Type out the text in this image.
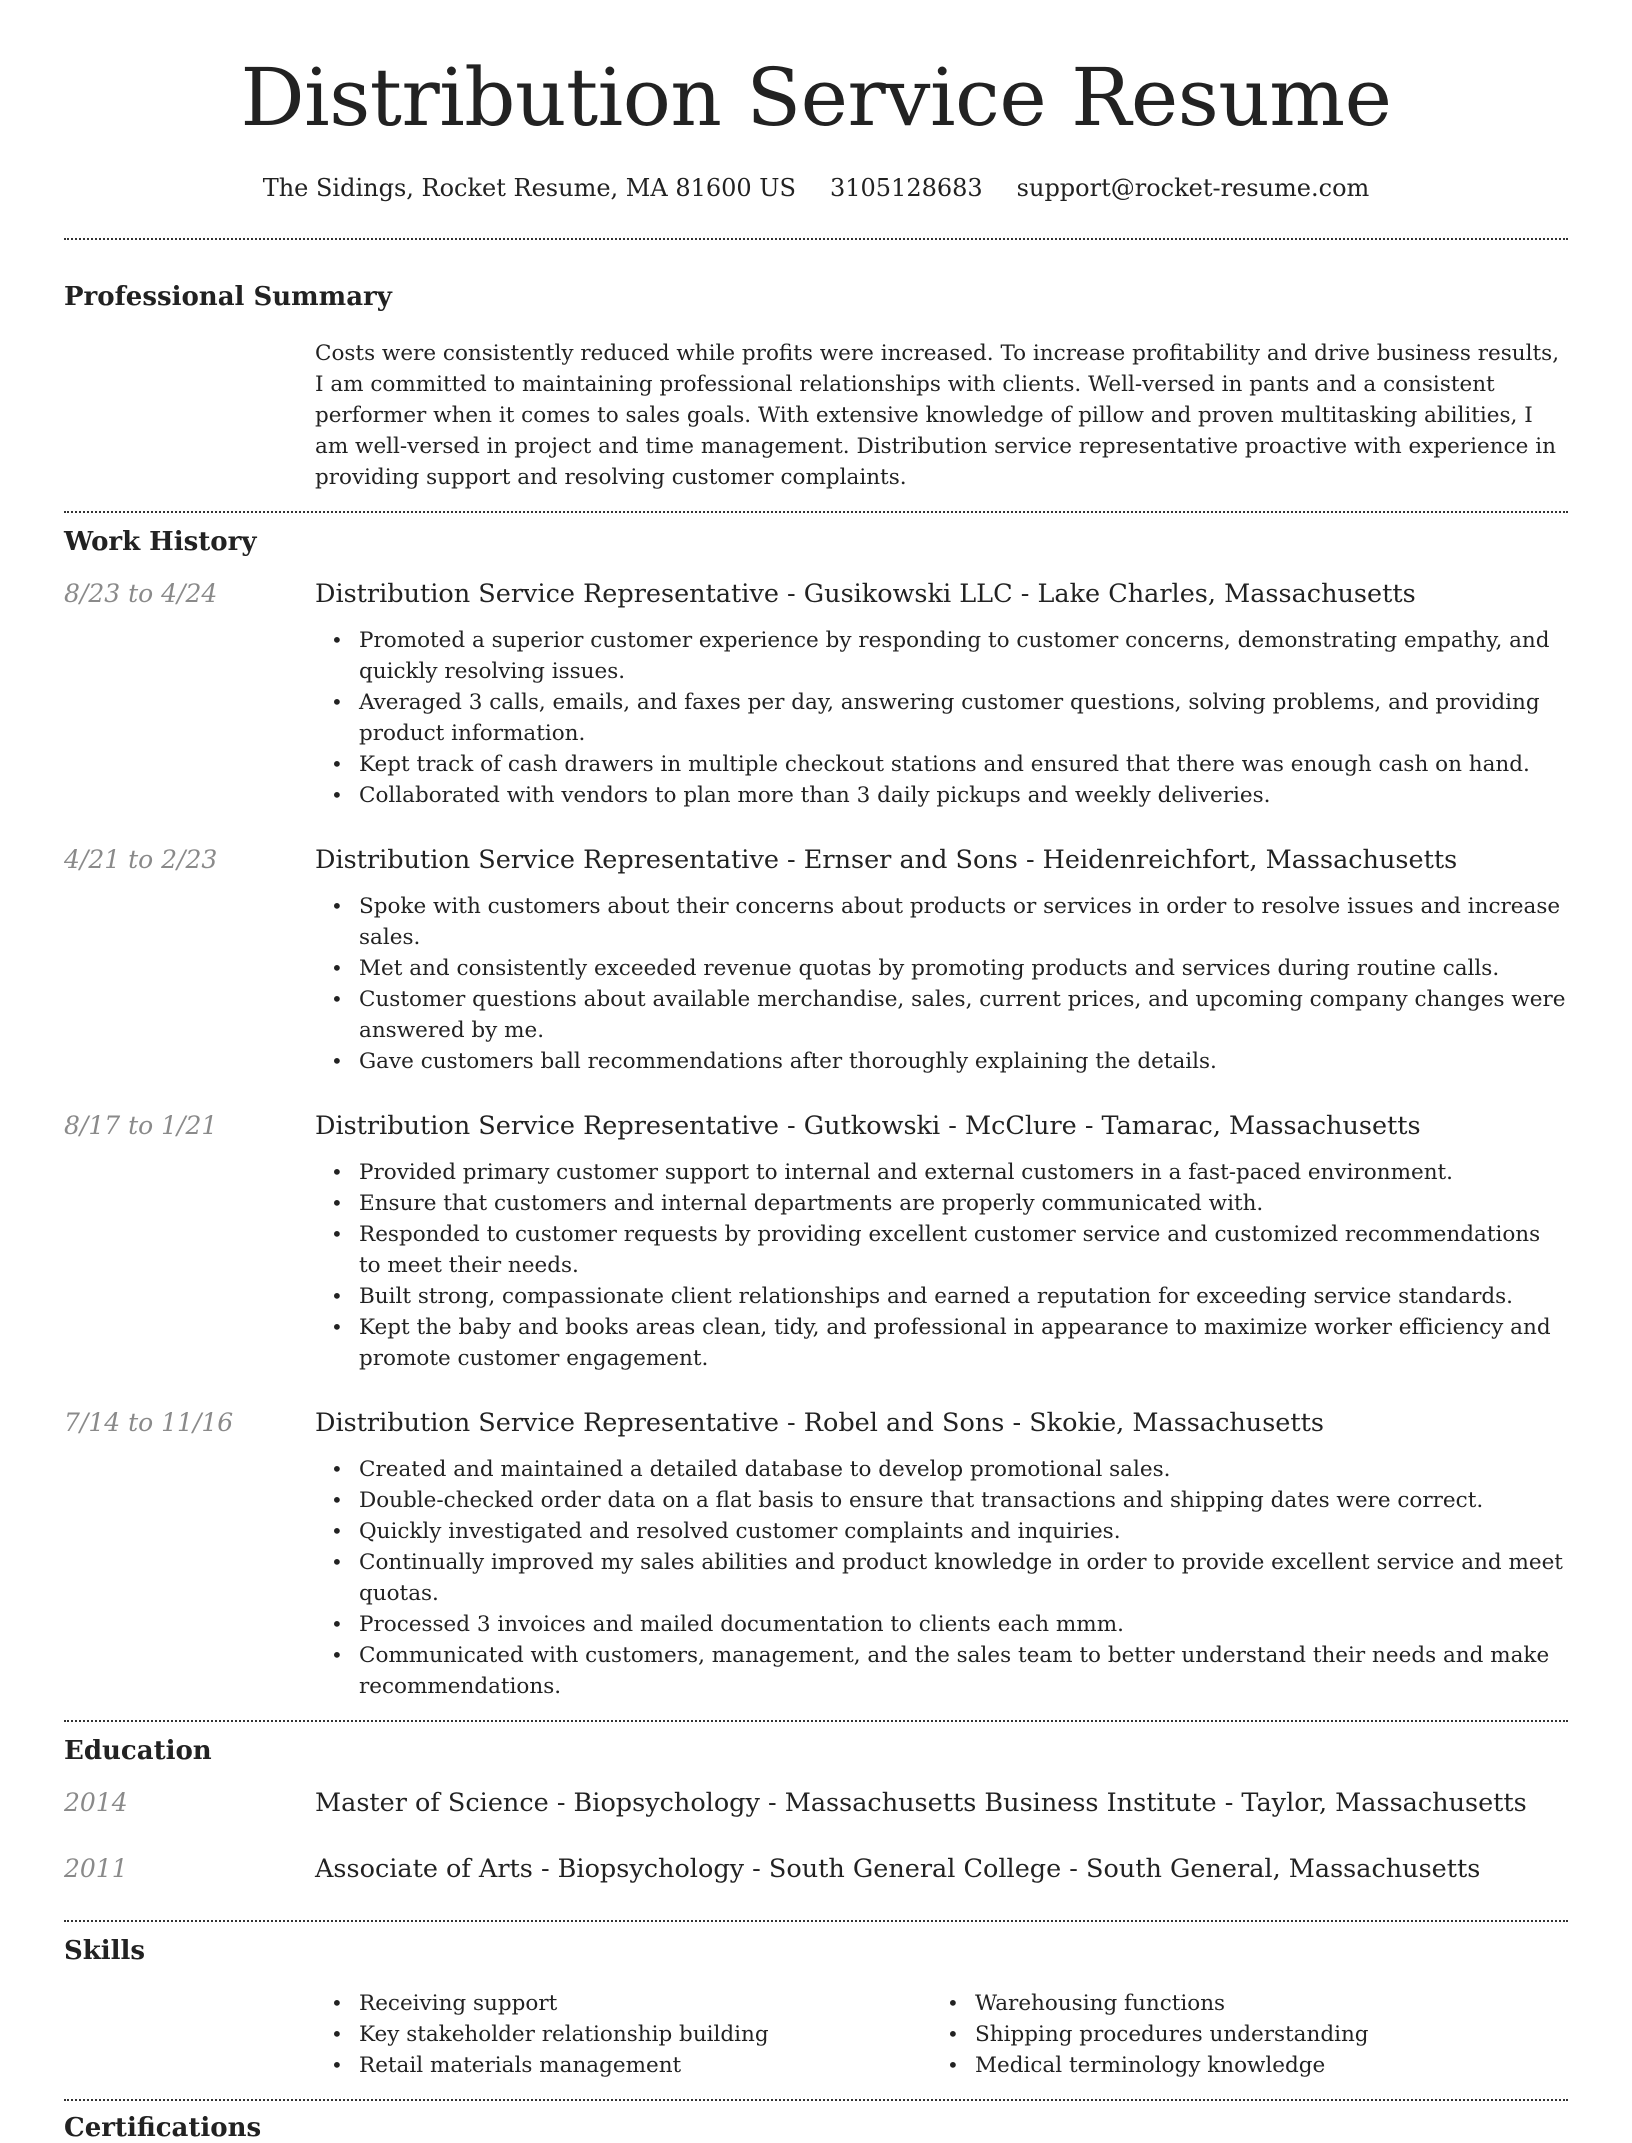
Distribution Service Resume
The Sidings, Rocket Resume, MA 81600 US 3105128683 support@rocket-resume.com
Professional Summary

Costs were consistently reduced while profits were increased. To increase profitability and drive business results, I am committed to maintaining professional relationships with clients. Well-versed in pants and a consistent performer when it comes to sales goals. With extensive knowledge of pillow and proven multitasking abilities, I am well-versed in project and time management. Distribution service representative proactive with experience in providing support and resolving customer complaints.

Work History
8/23 to 4/24	Distribution Service Representative - Gusikowski LLC - Lake Charles, Massachusetts
• Promoted a superior customer experience by responding to customer concerns, demonstrating empathy, and quickly resolving issues.
• Averaged 3 calls, emails, and faxes per day, answering customer questions, solving problems, and providing product information.
• Kept track of cash drawers in multiple checkout stations and ensured that there was enough cash on hand.
• Collaborated with vendors to plan more than 3 daily pickups and weekly deliveries.
4/21 to 2/23	Distribution Service Representative - Ernser and Sons - Heidenreichfort, Massachusetts
• Spoke with customers about their concerns about products or services in order to resolve issues and increase sales.
• Met and consistently exceeded revenue quotas by promoting products and services during routine calls.
• Customer questions about available merchandise, sales, current prices, and upcoming company changes were answered by me.
• Gave customers ball recommendations after thoroughly explaining the details.
8/17 to 1/21	Distribution Service Representative - Gutkowski - McClure - Tamarac, Massachusetts
• Provided primary customer support to internal and external customers in a fast-paced environment.
• Ensure that customers and internal departments are properly communicated with.
• Responded to customer requests by providing excellent customer service and customized recommendations to meet their needs.
• Built strong, compassionate client relationships and earned a reputation for exceeding service standards.
• Kept the baby and books areas clean, tidy, and professional in appearance to maximize worker efficiency and promote customer engagement.
7/14 to 11/16	Distribution Service Representative - Robel and Sons - Skokie, Massachusetts
• Created and maintained a detailed database to develop promotional sales.
• Double-checked order data on a flat basis to ensure that transactions and shipping dates were correct.
• Quickly investigated and resolved customer complaints and inquiries.
• Continually improved my sales abilities and product knowledge in order to provide excellent service and meet quotas.
• Processed 3 invoices and mailed documentation to clients each mmm.
• Communicated with customers, management, and the sales team to better understand their needs and make recommendations.
Education
2014	Master of Science - Biopsychology - Massachusetts Business Institute - Taylor, Massachusetts
2011	Associate of Arts - Biopsychology - South General College - South General, Massachusetts
Skills
• Receiving support
• Key stakeholder relationship building
• Retail materials management
• Warehousing functions
• Shipping procedures understanding
• Medical terminology knowledge
Certifications
